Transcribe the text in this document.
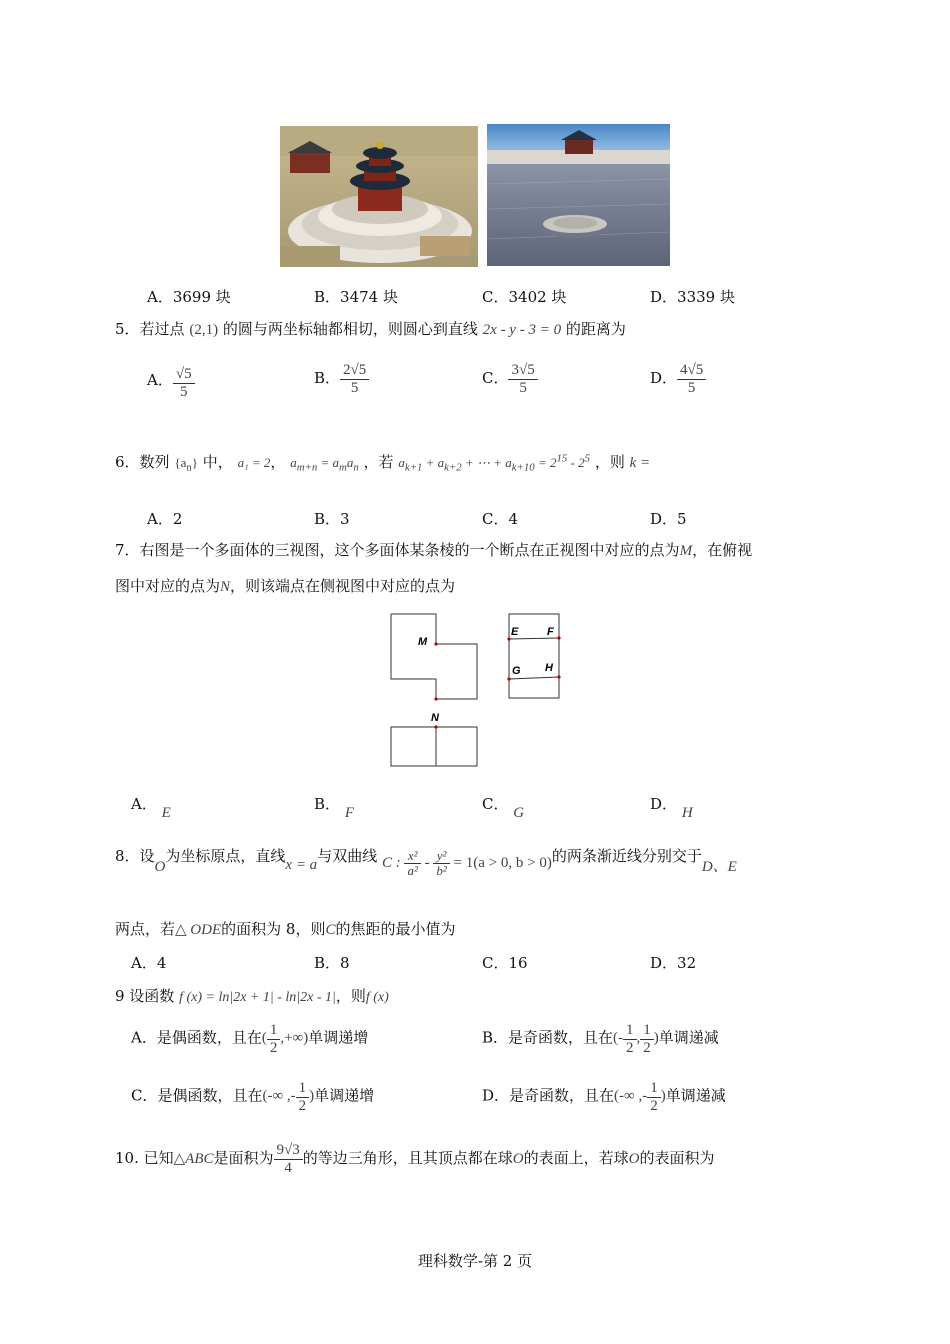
A．3699 块	B．3474 块	C．3402 块	D．3339 块
5．若过点 (2,1) 的圆与两坐标轴都相切，则圆心到直线 2x - y - 3 = 0 的距离为
A． $\frac{√5}{5}$	B． $\frac{2√5}{5}$	C． $\frac{3√5}{5}$	D． $\frac{4√5}{5}$
6．数列 $\{a_n\}$ 中， a₁ = 2， $a_{m+n} = a_ma_n$ ，若 $a_{k+1} + a_{k+2}$ + ⋯ + $a_{k+10} = 2^{15} - 2^5$ ，则 k =
A．2	B．3	C．4	D．5
7．右图是一个多面体的三视图，这个多面体某条棱的一个断点在正视图中对应的点为M，在俯视
图中对应的点为N，则该端点在侧视图中对应的点为
M
N
E	F
G H
A． E	B． F	C． G	D． H
8．设O为坐标原点，直线x = a与双曲线 C : $\frac{\text{x²}}{\text{a²}} - \frac{\text{y²}}{\text{b²}} = 1(a > 0$, b > 0)的两条渐近线分别交于D、E
两点，若△ ODE的面积为 8，则C的焦距的最小值为
A．4	B．8	C．16	D．32
9 设函数 f (x) = ln|2x + 1| - ln|2x - 1|，则f (x)
A．是偶函数，且在( $\frac{1}{2}$ ,+∞)单调递增	B．是奇函数，且在(- $\frac{1}{2}$ , $\frac{1}{2}$ )单调递减
C．是偶函数，且在(-∞ ,- $\frac{1}{2}$ )单调递增	D．是奇函数，且在(-∞ ,- $\frac{1}{2}$ )单调递减
10. 已知△ABC是面积为 $\frac{9√3}{4}$ 的等边三角形，且其顶点都在球O的表面上，若球O的表面积为
理科数学-第 2 页
